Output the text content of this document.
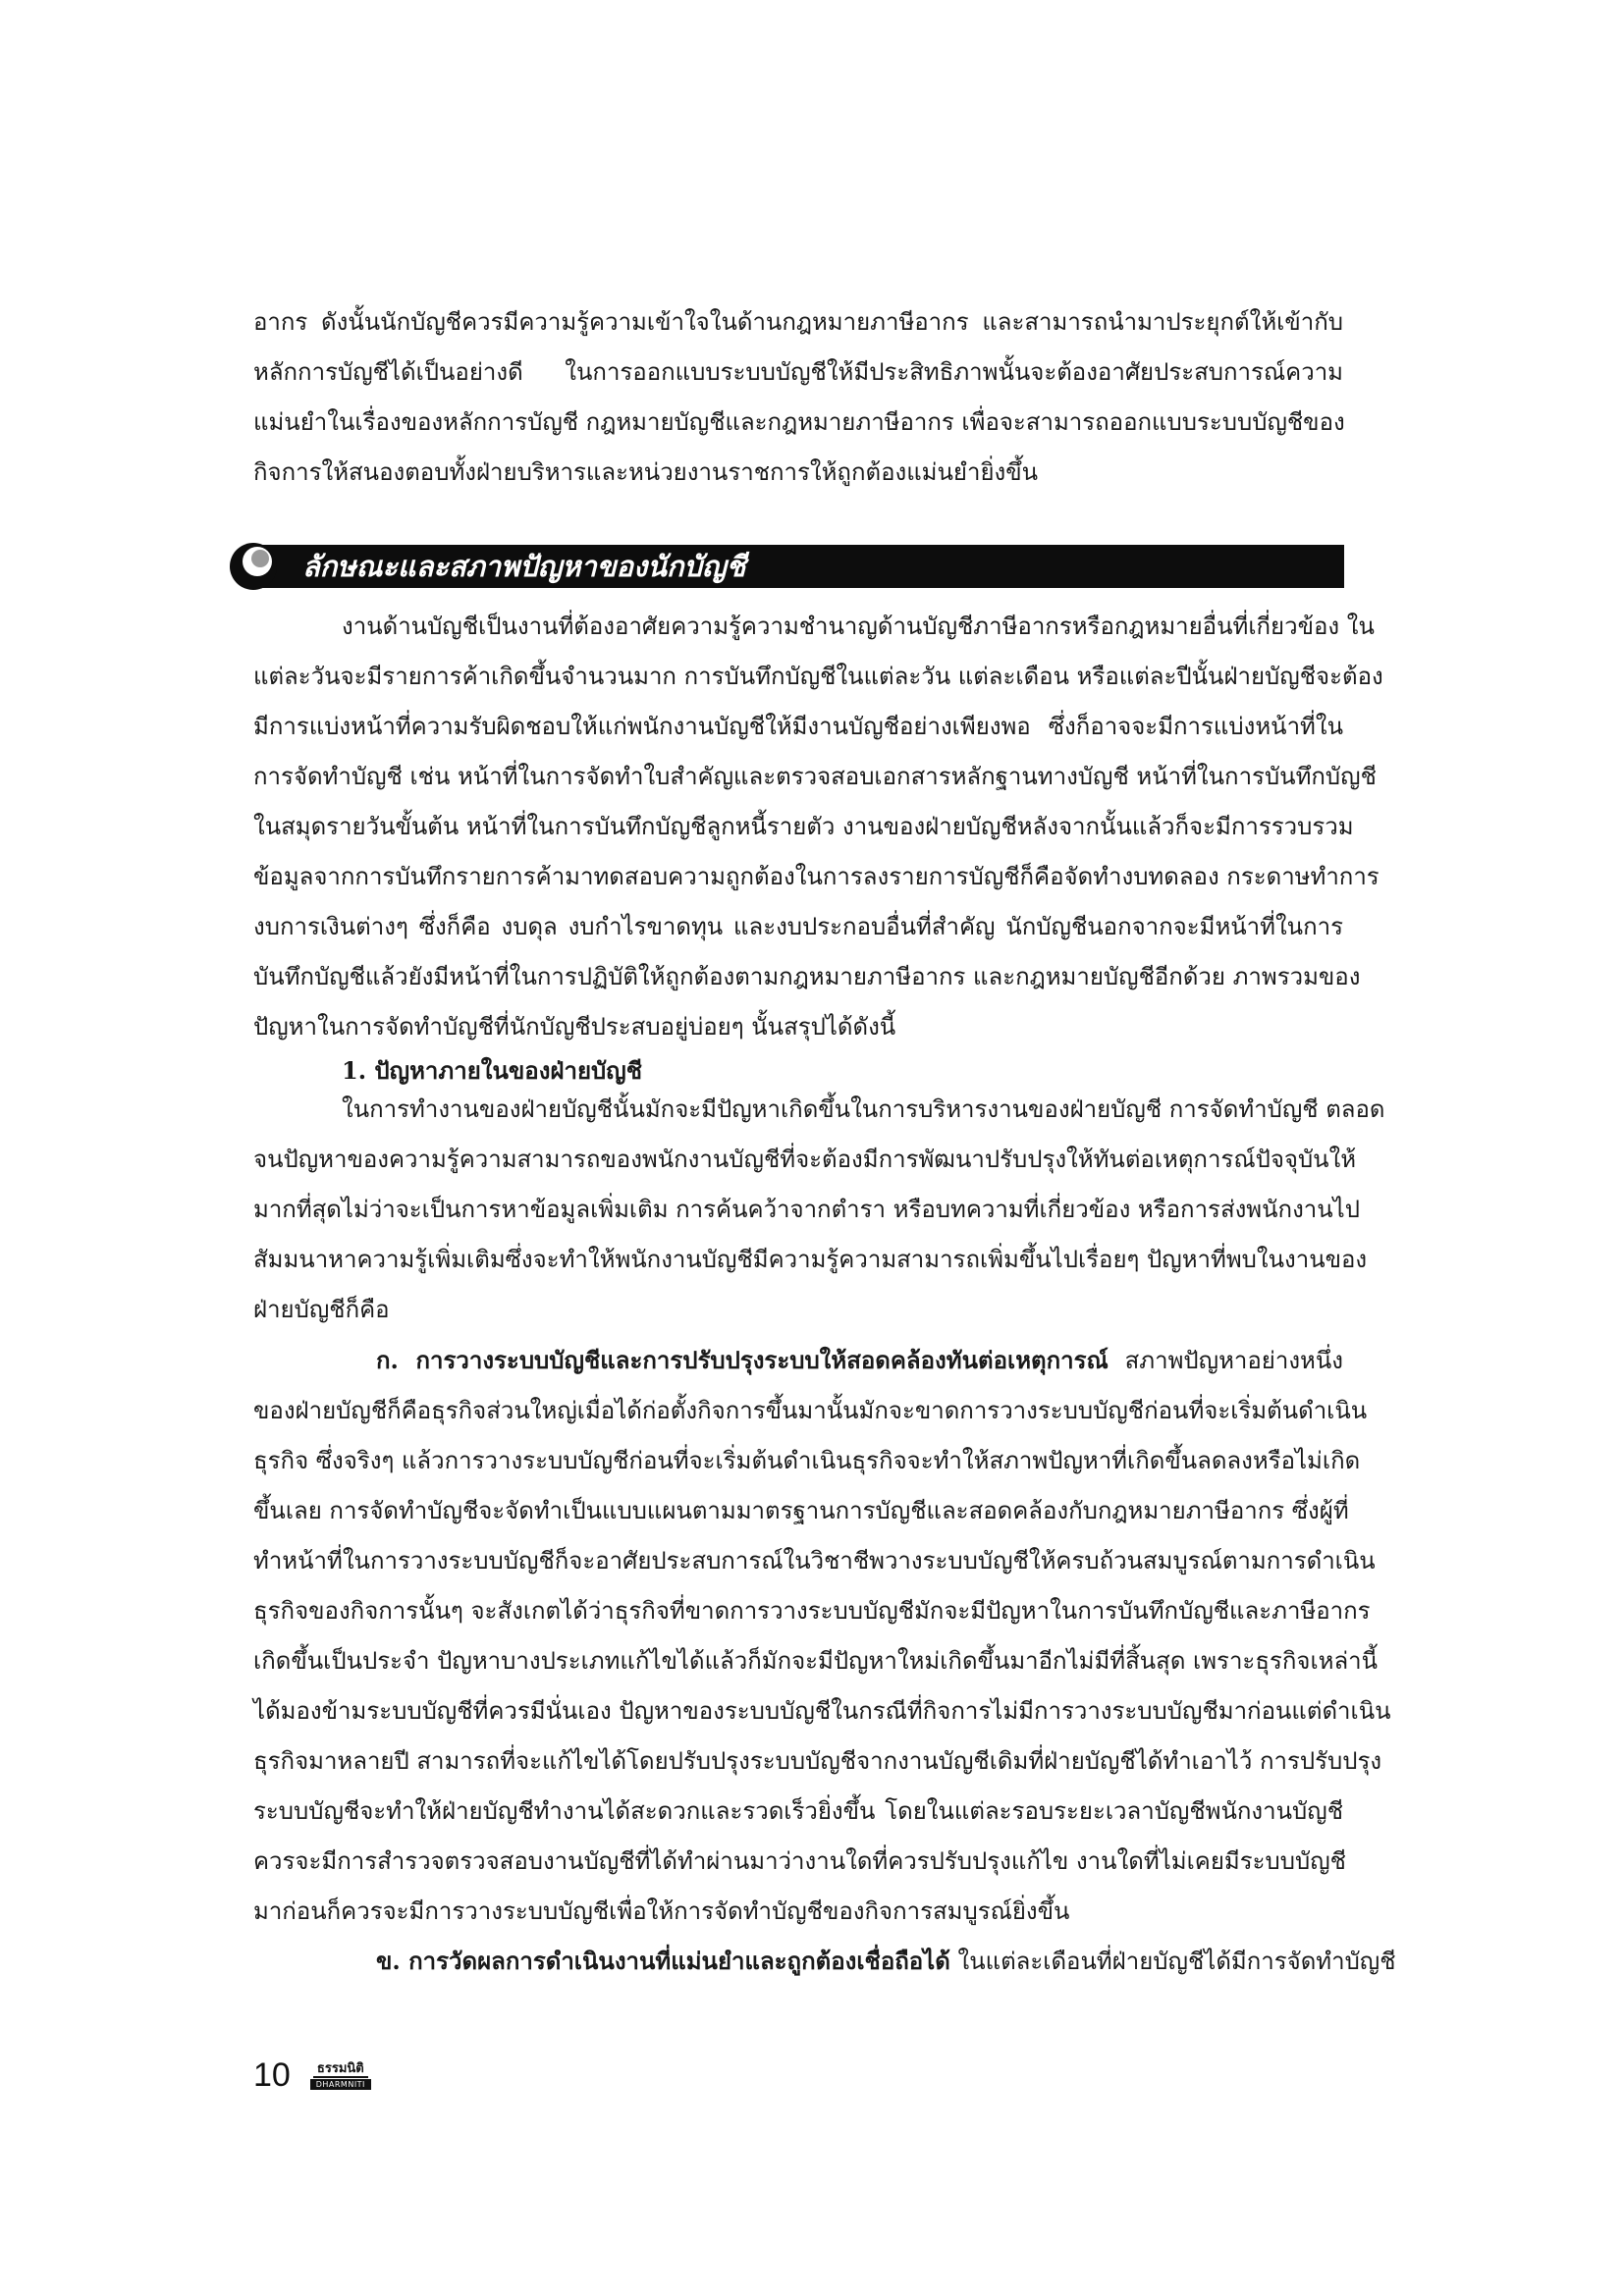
อากร ดังนั้นนักบัญชีควรมีความรู้ความเข้าใจในด้านกฎหมายภาษีอากร และสามารถนำมาประยุกต์ให้เข้ากับ

หลักการบัญชีได้เป็นอย่างดี ในการออกแบบระบบบัญชีให้มีประสิทธิภาพนั้นจะต้องอาศัยประสบการณ์ความ

แม่นยำในเรื่องของหลักการบัญชี กฎหมายบัญชีและกฎหมายภาษีอากร เพื่อจะสามารถออกแบบระบบบัญชีของ

กิจการให้สนองตอบทั้งฝ่ายบริหารและหน่วยงานราชการให้ถูกต้องแม่นยำยิ่งขึ้น

ลักษณะและสภาพปัญหาของนักบัญชี

งานด้านบัญชีเป็นงานที่ต้องอาศัยความรู้ความชำนาญด้านบัญชีภาษีอากรหรือกฎหมายอื่นที่เกี่ยวข้อง ใน

แต่ละวันจะมีรายการค้าเกิดขึ้นจำนวนมาก การบันทึกบัญชีในแต่ละวัน แต่ละเดือน หรือแต่ละปีนั้นฝ่ายบัญชีจะต้อง

มีการแบ่งหน้าที่ความรับผิดชอบให้แก่พนักงานบัญชีให้มีงานบัญชีอย่างเพียงพอ ซึ่งก็อาจจะมีการแบ่งหน้าที่ใน

การจัดทำบัญชี เช่น หน้าที่ในการจัดทำใบสำคัญและตรวจสอบเอกสารหลักฐานทางบัญชี หน้าที่ในการบันทึกบัญชี

ในสมุดรายวันขั้นต้น หน้าที่ในการบันทึกบัญชีลูกหนี้รายตัว งานของฝ่ายบัญชีหลังจากนั้นแล้วก็จะมีการรวบรวม

ข้อมูลจากการบันทึกรายการค้ามาทดสอบความถูกต้องในการลงรายการบัญชีก็คือจัดทำงบทดลอง กระดาษทำการ

งบการเงินต่างๆ ซึ่งก็คือ งบดุล งบกำไรขาดทุน และงบประกอบอื่นที่สำคัญ นักบัญชีนอกจากจะมีหน้าที่ในการ

บันทึกบัญชีแล้วยังมีหน้าที่ในการปฏิบัติให้ถูกต้องตามกฎหมายภาษีอากร และกฎหมายบัญชีอีกด้วย ภาพรวมของ

ปัญหาในการจัดทำบัญชีที่นักบัญชีประสบอยู่บ่อยๆ นั้นสรุปได้ดังนี้

1. ปัญหาภายในของฝ่ายบัญชี

ในการทำงานของฝ่ายบัญชีนั้นมักจะมีปัญหาเกิดขึ้นในการบริหารงานของฝ่ายบัญชี การจัดทำบัญชี ตลอด

จนปัญหาของความรู้ความสามารถของพนักงานบัญชีที่จะต้องมีการพัฒนาปรับปรุงให้ทันต่อเหตุการณ์ปัจจุบันให้

มากที่สุดไม่ว่าจะเป็นการหาข้อมูลเพิ่มเติม การค้นคว้าจากตำรา หรือบทความที่เกี่ยวข้อง หรือการส่งพนักงานไป

สัมมนาหาความรู้เพิ่มเติมซึ่งจะทำให้พนักงานบัญชีมีความรู้ความสามารถเพิ่มขึ้นไปเรื่อยๆ ปัญหาที่พบในงานของ

ฝ่ายบัญชีก็คือ

ก. การวางระบบบัญชีและการปรับปรุงระบบให้สอดคล้องทันต่อเหตุการณ์ สภาพปัญหาอย่างหนึ่ง

ของฝ่ายบัญชีก็คือธุรกิจส่วนใหญ่เมื่อได้ก่อตั้งกิจการขึ้นมานั้นมักจะขาดการวางระบบบัญชีก่อนที่จะเริ่มต้นดำเนิน

ธุรกิจ ซึ่งจริงๆ แล้วการวางระบบบัญชีก่อนที่จะเริ่มต้นดำเนินธุรกิจจะทำให้สภาพปัญหาที่เกิดขึ้นลดลงหรือไม่เกิด

ขึ้นเลย การจัดทำบัญชีจะจัดทำเป็นแบบแผนตามมาตรฐานการบัญชีและสอดคล้องกับกฎหมายภาษีอากร ซึ่งผู้ที่

ทำหน้าที่ในการวางระบบบัญชีก็จะอาศัยประสบการณ์ในวิชาชีพวางระบบบัญชีให้ครบถ้วนสมบูรณ์ตามการดำเนิน

ธุรกิจของกิจการนั้นๆ จะสังเกตได้ว่าธุรกิจที่ขาดการวางระบบบัญชีมักจะมีปัญหาในการบันทึกบัญชีและภาษีอากร

เกิดขึ้นเป็นประจำ ปัญหาบางประเภทแก้ไขได้แล้วก็มักจะมีปัญหาใหม่เกิดขึ้นมาอีกไม่มีที่สิ้นสุด เพราะธุรกิจเหล่านี้

ได้มองข้ามระบบบัญชีที่ควรมีนั่นเอง ปัญหาของระบบบัญชีในกรณีที่กิจการไม่มีการวางระบบบัญชีมาก่อนแต่ดำเนิน

ธุรกิจมาหลายปี สามารถที่จะแก้ไขได้โดยปรับปรุงระบบบัญชีจากงานบัญชีเดิมที่ฝ่ายบัญชีได้ทำเอาไว้ การปรับปรุง

ระบบบัญชีจะทำให้ฝ่ายบัญชีทำงานได้สะดวกและรวดเร็วยิ่งขึ้น โดยในแต่ละรอบระยะเวลาบัญชีพนักงานบัญชี

ควรจะมีการสำรวจตรวจสอบงานบัญชีที่ได้ทำผ่านมาว่างานใดที่ควรปรับปรุงแก้ไข งานใดที่ไม่เคยมีระบบบัญชี

มาก่อนก็ควรจะมีการวางระบบบัญชีเพื่อให้การจัดทำบัญชีของกิจการสมบูรณ์ยิ่งขึ้น

ข. การวัดผลการดำเนินงานที่แม่นยำและถูกต้องเชื่อถือได้ ในแต่ละเดือนที่ฝ่ายบัญชีได้มีการจัดทำบัญชี

10	ธรรมนิติ
DHARMNITI
